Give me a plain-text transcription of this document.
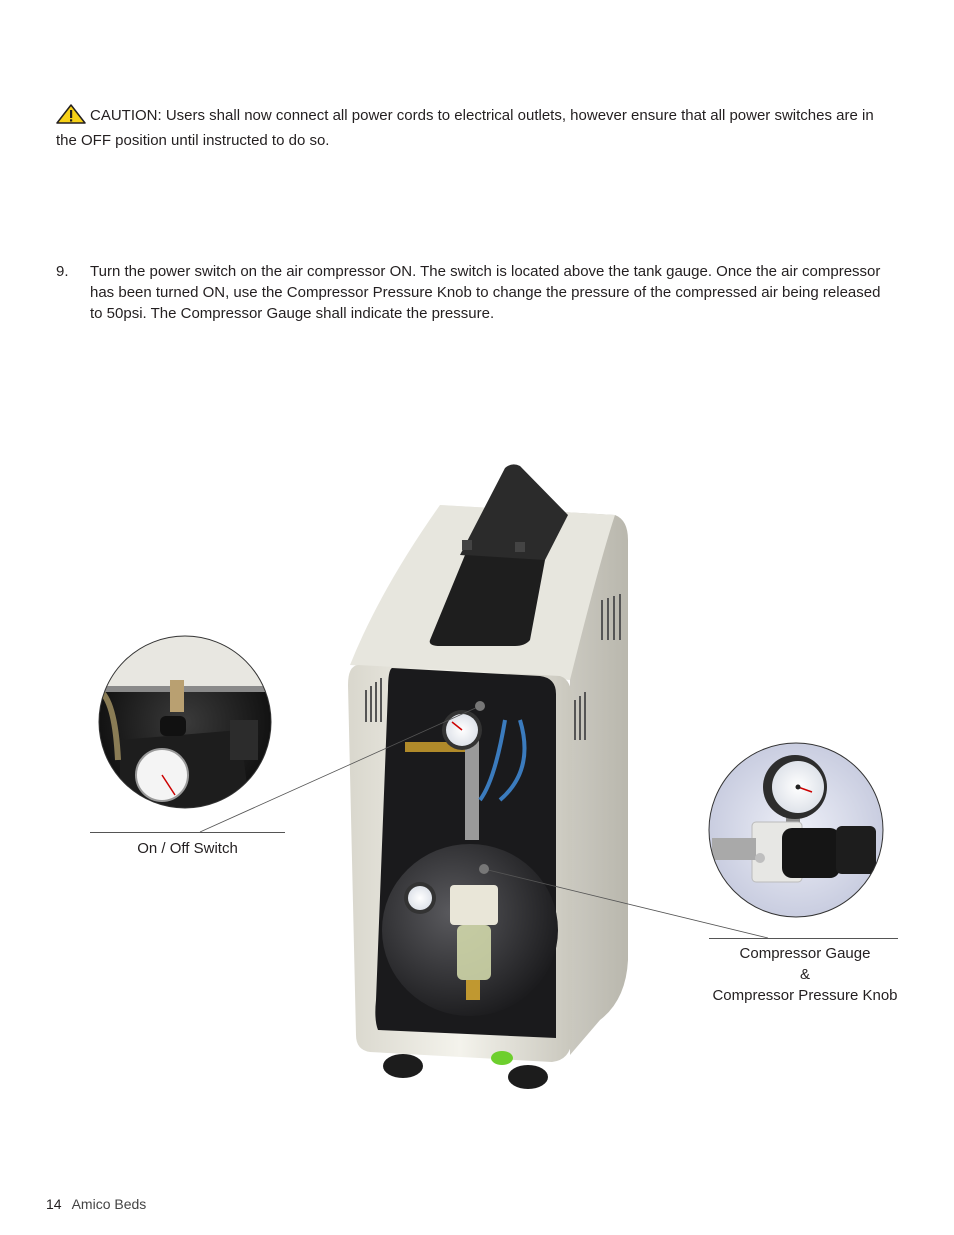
CAUTION: Users shall now connect all power cords to electrical outlets, however ensure that all power switches are in the OFF position until instructed to do so.
9. Turn the power switch on the air compressor ON. The switch is located above the tank gauge. Once the air compressor has been turned ON, use the Compressor Pressure Knob to change the pressure of the compressed air being released to 50psi. The Compressor Gauge shall indicate the pressure.
On / Off Switch
Compressor Gauge
&
Compressor Pressure Knob
14 Amico Beds
